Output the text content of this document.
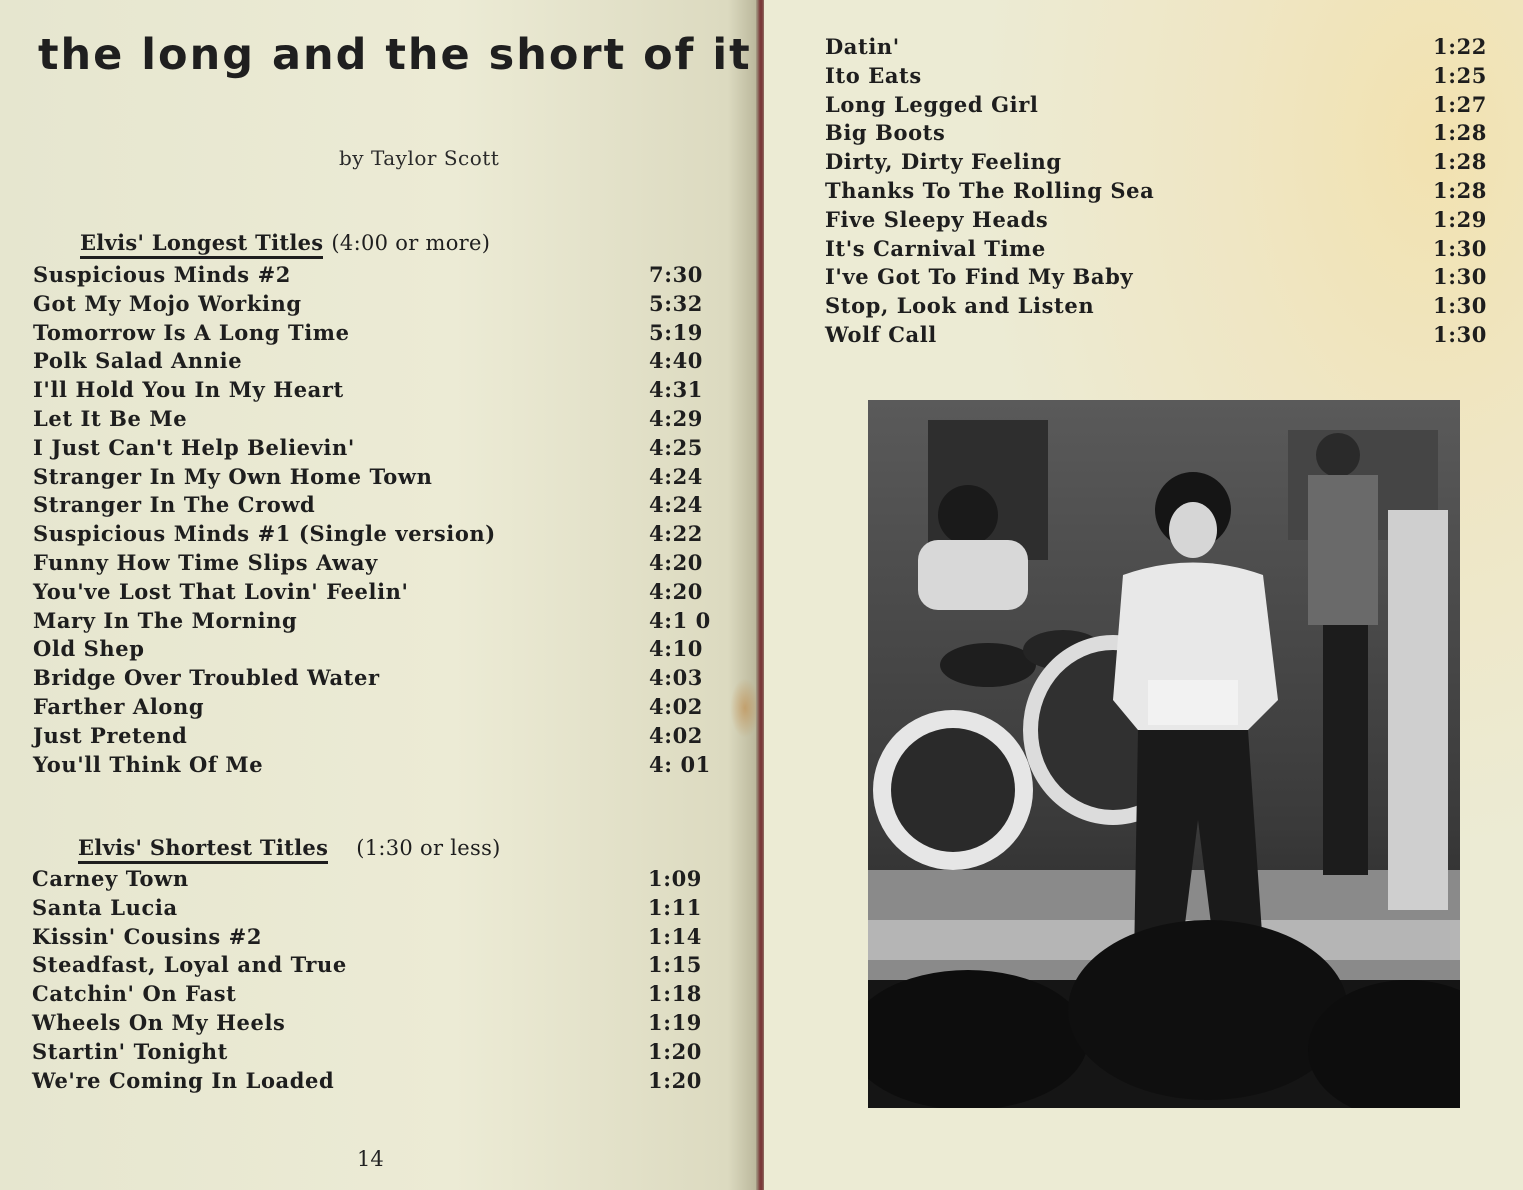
the long and the short of it
by Taylor Scott
Elvis' Longest Titles (4:00 or more)
Suspicious Minds #2	7:30
Got My Mojo Working	5:32
Tomorrow Is A Long Time	5:19
Polk Salad Annie	4:40
I'll Hold You In My Heart	4:31
Let It Be Me	4:29
I Just Can't Help Believin'	4:25
Stranger In My Own Home Town	4:24
Stranger In The Crowd	4:24
Suspicious Minds #1 (Single version)	4:22
Funny How Time Slips Away	4:20
You've Lost That Lovin' Feelin'	4:20
Mary In The Morning	4:1 0
Old Shep	4:10
Bridge Over Troubled Water	4:03
Farther Along	4:02
Just Pretend	4:02
You'll Think Of Me	4: 01
Elvis' Shortest Titles (1:30 or less)
Carney Town	1:09
Santa Lucia	1:11
Kissin' Cousins #2	1:14
Steadfast, Loyal and True	1:15
Catchin' On Fast	1:18
Wheels On My Heels	1:19
Startin' Tonight	1:20
We're Coming In Loaded	1:20
14
Datin'	1:22
Ito Eats	1:25
Long Legged Girl	1:27
Big Boots	1:28
Dirty, Dirty Feeling	1:28
Thanks To The Rolling Sea	1:28
Five Sleepy Heads	1:29
It's Carnival Time	1:30
I've Got To Find My Baby	1:30
Stop, Look and Listen	1:30
Wolf Call	1:30
